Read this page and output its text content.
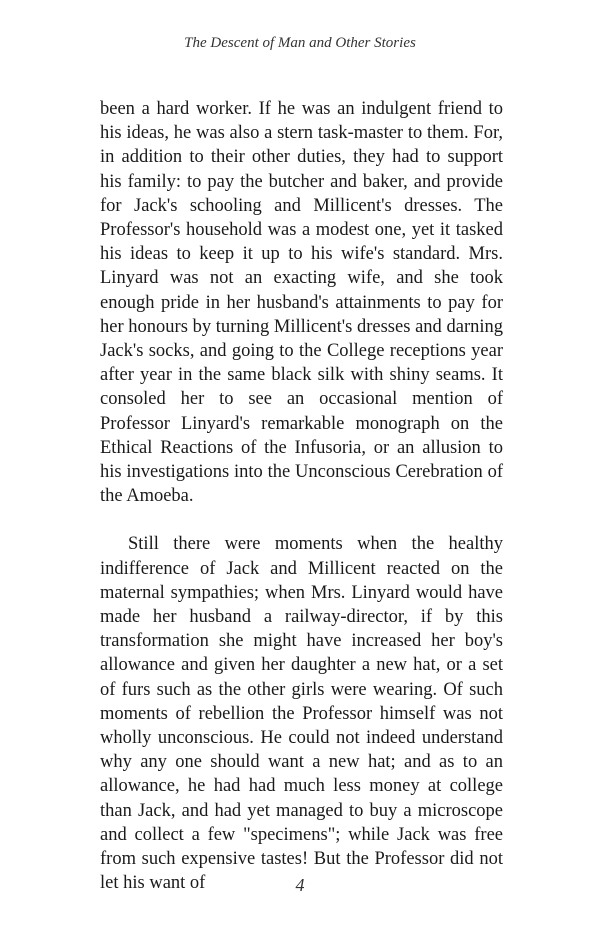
The Descent of Man and Other Stories

been a hard worker. If he was an indulgent friend to his ideas, he was also a stern task-master to them. For, in addition to their other duties, they had to support his family: to pay the butcher and baker, and provide for Jack's schooling and Millicent's dresses. The Professor's household was a modest one, yet it tasked his ideas to keep it up to his wife's standard. Mrs. Linyard was not an exacting wife, and she took enough pride in her husband's attainments to pay for her honours by turning Millicent's dresses and darning Jack's socks, and going to the College receptions year after year in the same black silk with shiny seams. It consoled her to see an occasional mention of Professor Linyard's remarkable monograph on the Ethical Reactions of the Infusoria, or an allusion to his investigations into the Unconscious Cerebration of the Amoeba.

Still there were moments when the healthy indifference of Jack and Millicent reacted on the maternal sympathies; when Mrs. Linyard would have made her husband a railway-director, if by this transformation she might have increased her boy's allowance and given her daughter a new hat, or a set of furs such as the other girls were wearing. Of such moments of rebellion the Professor himself was not wholly unconscious. He could not indeed understand why any one should want a new hat; and as to an allowance, he had had much less money at college than Jack, and had yet managed to buy a microscope and collect a few "specimens"; while Jack was free from such expensive tastes! But the Professor did not let his want of	4
